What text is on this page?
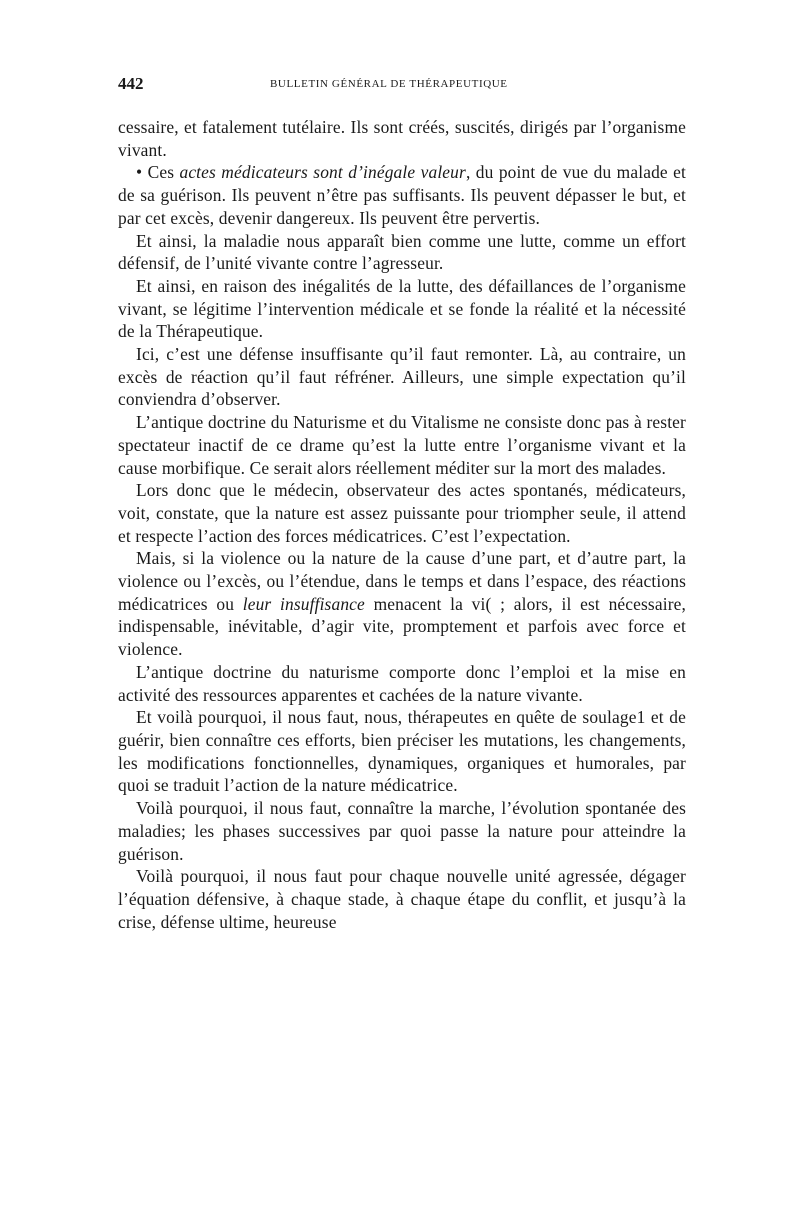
442	BULLETIN GÉNÉRAL DE THÉRAPEUTIQUE

cessaire, et fatalement tutélaire. Ils sont créés, suscités, dirigés par l’organisme vivant.

• Ces actes médicateurs sont d’inégale valeur, du point de vue du malade et de sa guérison. Ils peuvent n’être pas suffisants. Ils peuvent dépasser le but, et par cet excès, devenir dangereux. Ils peuvent être pervertis.

Et ainsi, la maladie nous apparaît bien comme une lutte, comme un effort défensif, de l’unité vivante contre l’agresseur.

Et ainsi, en raison des inégalités de la lutte, des défaillances de l’organisme vivant, se légitime l’intervention médicale et se fonde la réalité et la nécessité de la Thérapeutique.

Ici, c’est une défense insuffisante qu’il faut remonter. Là, au contraire, un excès de réaction qu’il faut réfréner. Ailleurs, une simple expectation qu’il conviendra d’observer.

L’antique doctrine du Naturisme et du Vitalisme ne consiste donc pas à rester spectateur inactif de ce drame qu’est la lutte entre l’organisme vivant et la cause morbifique. Ce serait alors réellement méditer sur la mort des malades.

Lors donc que le médecin, observateur des actes spontanés, médicateurs, voit, constate, que la nature est assez puissante pour triompher seule, il attend et respecte l’action des forces médicatrices. C’est l’expectation.

Mais, si la violence ou la nature de la cause d’une part, et d’autre part, la violence ou l’excès, ou l’étendue, dans le temps et dans l’espace, des réactions médicatrices ou leur insuffisance menacent la vi( ; alors, il est nécessaire, indispensable, inévitable, d’agir vite, promptement et parfois avec force et violence.

L’antique doctrine du naturisme comporte donc l’emploi et la mise en activité des ressources apparentes et cachées de la nature vivante.

Et voilà pourquoi, il nous faut, nous, thérapeutes en quête de soulage1 et de guérir, bien connaître ces efforts, bien préciser les mutations, les changements, les modifications fonctionnelles, dynamiques, organiques et humorales, par quoi se traduit l’action de la nature médicatrice.

Voilà pourquoi, il nous faut, connaître la marche, l’évolution spontanée des maladies; les phases successives par quoi passe la nature pour atteindre la guérison.

Voilà pourquoi, il nous faut pour chaque nouvelle unité agressée, dégager l’équation défensive, à chaque stade, à chaque étape du conflit, et jusqu’à la crise, défense ultime, heureuse
